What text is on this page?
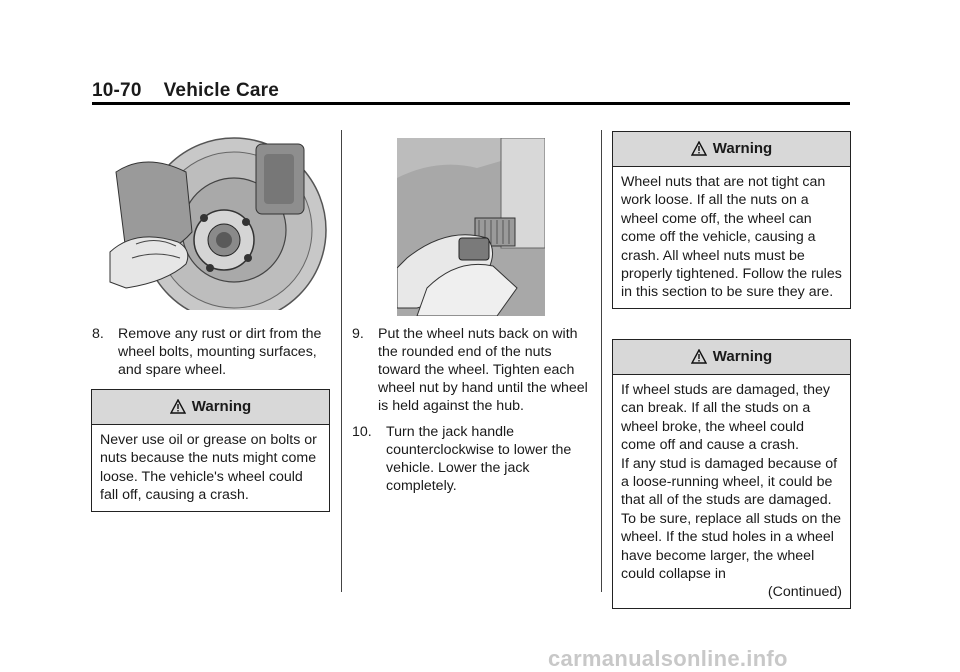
10-70 Vehicle Care
8. Remove any rust or dirt from the wheel bolts, mounting surfaces, and spare wheel.
Warning
Never use oil or grease on bolts or nuts because the nuts might come loose. The vehicle's wheel could fall off, causing a crash.
9. Put the wheel nuts back on with the rounded end of the nuts toward the wheel. Tighten each wheel nut by hand until the wheel is held against the hub.
10. Turn the jack handle counterclockwise to lower the vehicle. Lower the jack completely.
Warning
Wheel nuts that are not tight can work loose. If all the nuts on a wheel come off, the wheel can come off the vehicle, causing a crash. All wheel nuts must be properly tightened. Follow the rules in this section to be sure they are.
Warning
If wheel studs are damaged, they can break. If all the studs on a wheel broke, the wheel could come off and cause a crash.
If any stud is damaged because of a loose-running wheel, it could be that all of the studs are damaged. To be sure, replace all studs on the wheel. If the stud holes in a wheel have become larger, the wheel could collapse in
(Continued)
carmanualsonline.info
